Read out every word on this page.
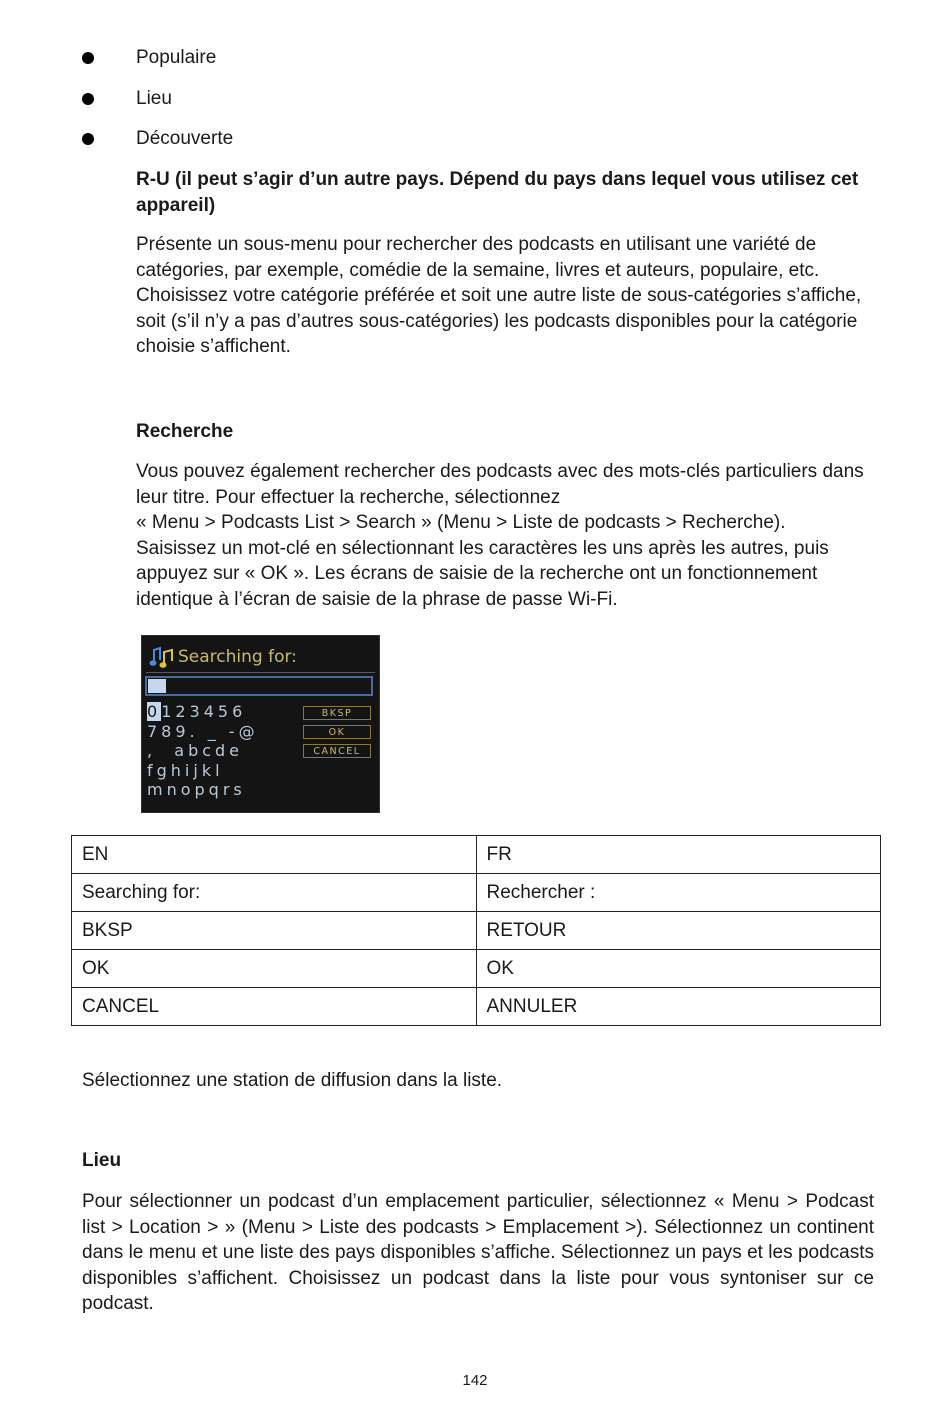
Populaire
Lieu
Découverte
R-U (il peut s’agir d’un autre pays. Dépend du pays dans lequel vous utilisez cet appareil)
Présente un sous-menu pour rechercher des podcasts en utilisant une variété de catégories, par exemple, comédie de la semaine, livres et auteurs, populaire, etc. Choisissez votre catégorie préférée et soit une autre liste de sous-catégories s’affiche, soit (s’il n’y a pas d’autres sous-catégories) les podcasts disponibles pour la catégorie choisie s’affichent.
Recherche
Vous pouvez également rechercher des podcasts avec des mots-clés particuliers dans leur titre. Pour effectuer la recherche, sélectionnez
« Menu > Podcasts List > Search » (Menu > Liste de podcasts > Recherche). Saisissez un mot-clé en sélectionnant les caractères les uns après les autres, puis appuyez sur « OK ». Les écrans de saisie de la recherche ont un fonctionnement identique à l’écran de saisie de la phrase de passe Wi-Fi.
Searching for:
0123456
789. _ -@
,  abcde
fghijkl
mnopqrs
BKSP
OK
CANCEL
EN	FR
Searching for:	Rechercher :
BKSP	RETOUR
OK	OK
CANCEL	ANNULER
Sélectionnez une station de diffusion dans la liste.
Lieu
Pour sélectionner un podcast d’un emplacement particulier, sélectionnez « Menu > Podcast list > Location > » (Menu > Liste des podcasts > Emplacement >). Sélectionnez un continent dans le menu et une liste des pays disponibles s’affiche. Sélectionnez un pays et les podcasts disponibles s’affichent. Choisissez un podcast dans la liste pour vous syntoniser sur ce podcast.
142
